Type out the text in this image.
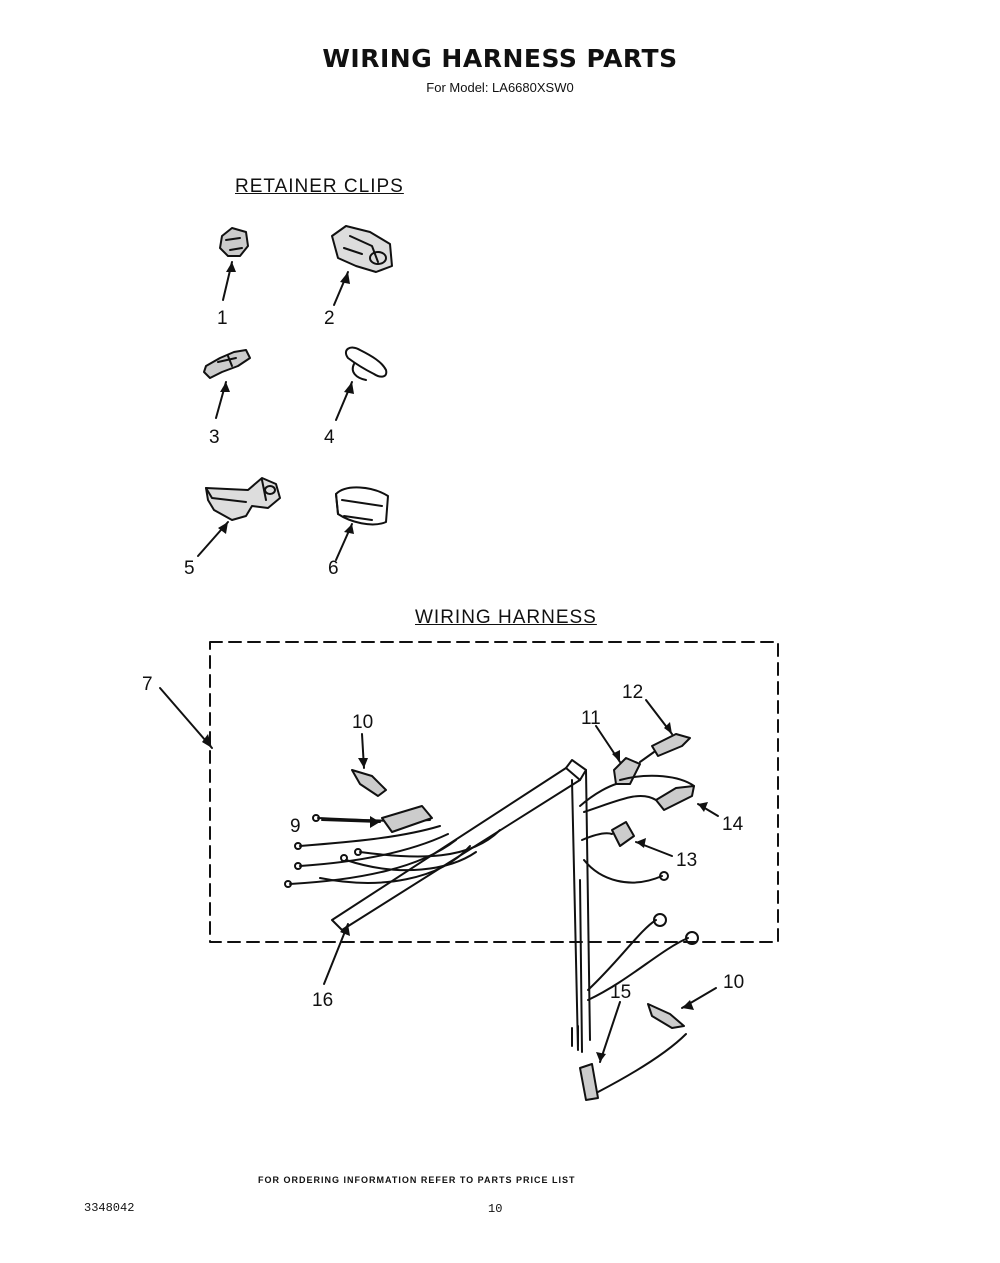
WIRING HARNESS PARTS
For Model: LA6680XSW0
RETAINER CLIPS
WIRING HARNESS
1	2
3	4
5	6
7
9
10
10
11
12
13
14
15
16
FOR ORDERING INFORMATION REFER TO PARTS PRICE LIST
3348042	10
